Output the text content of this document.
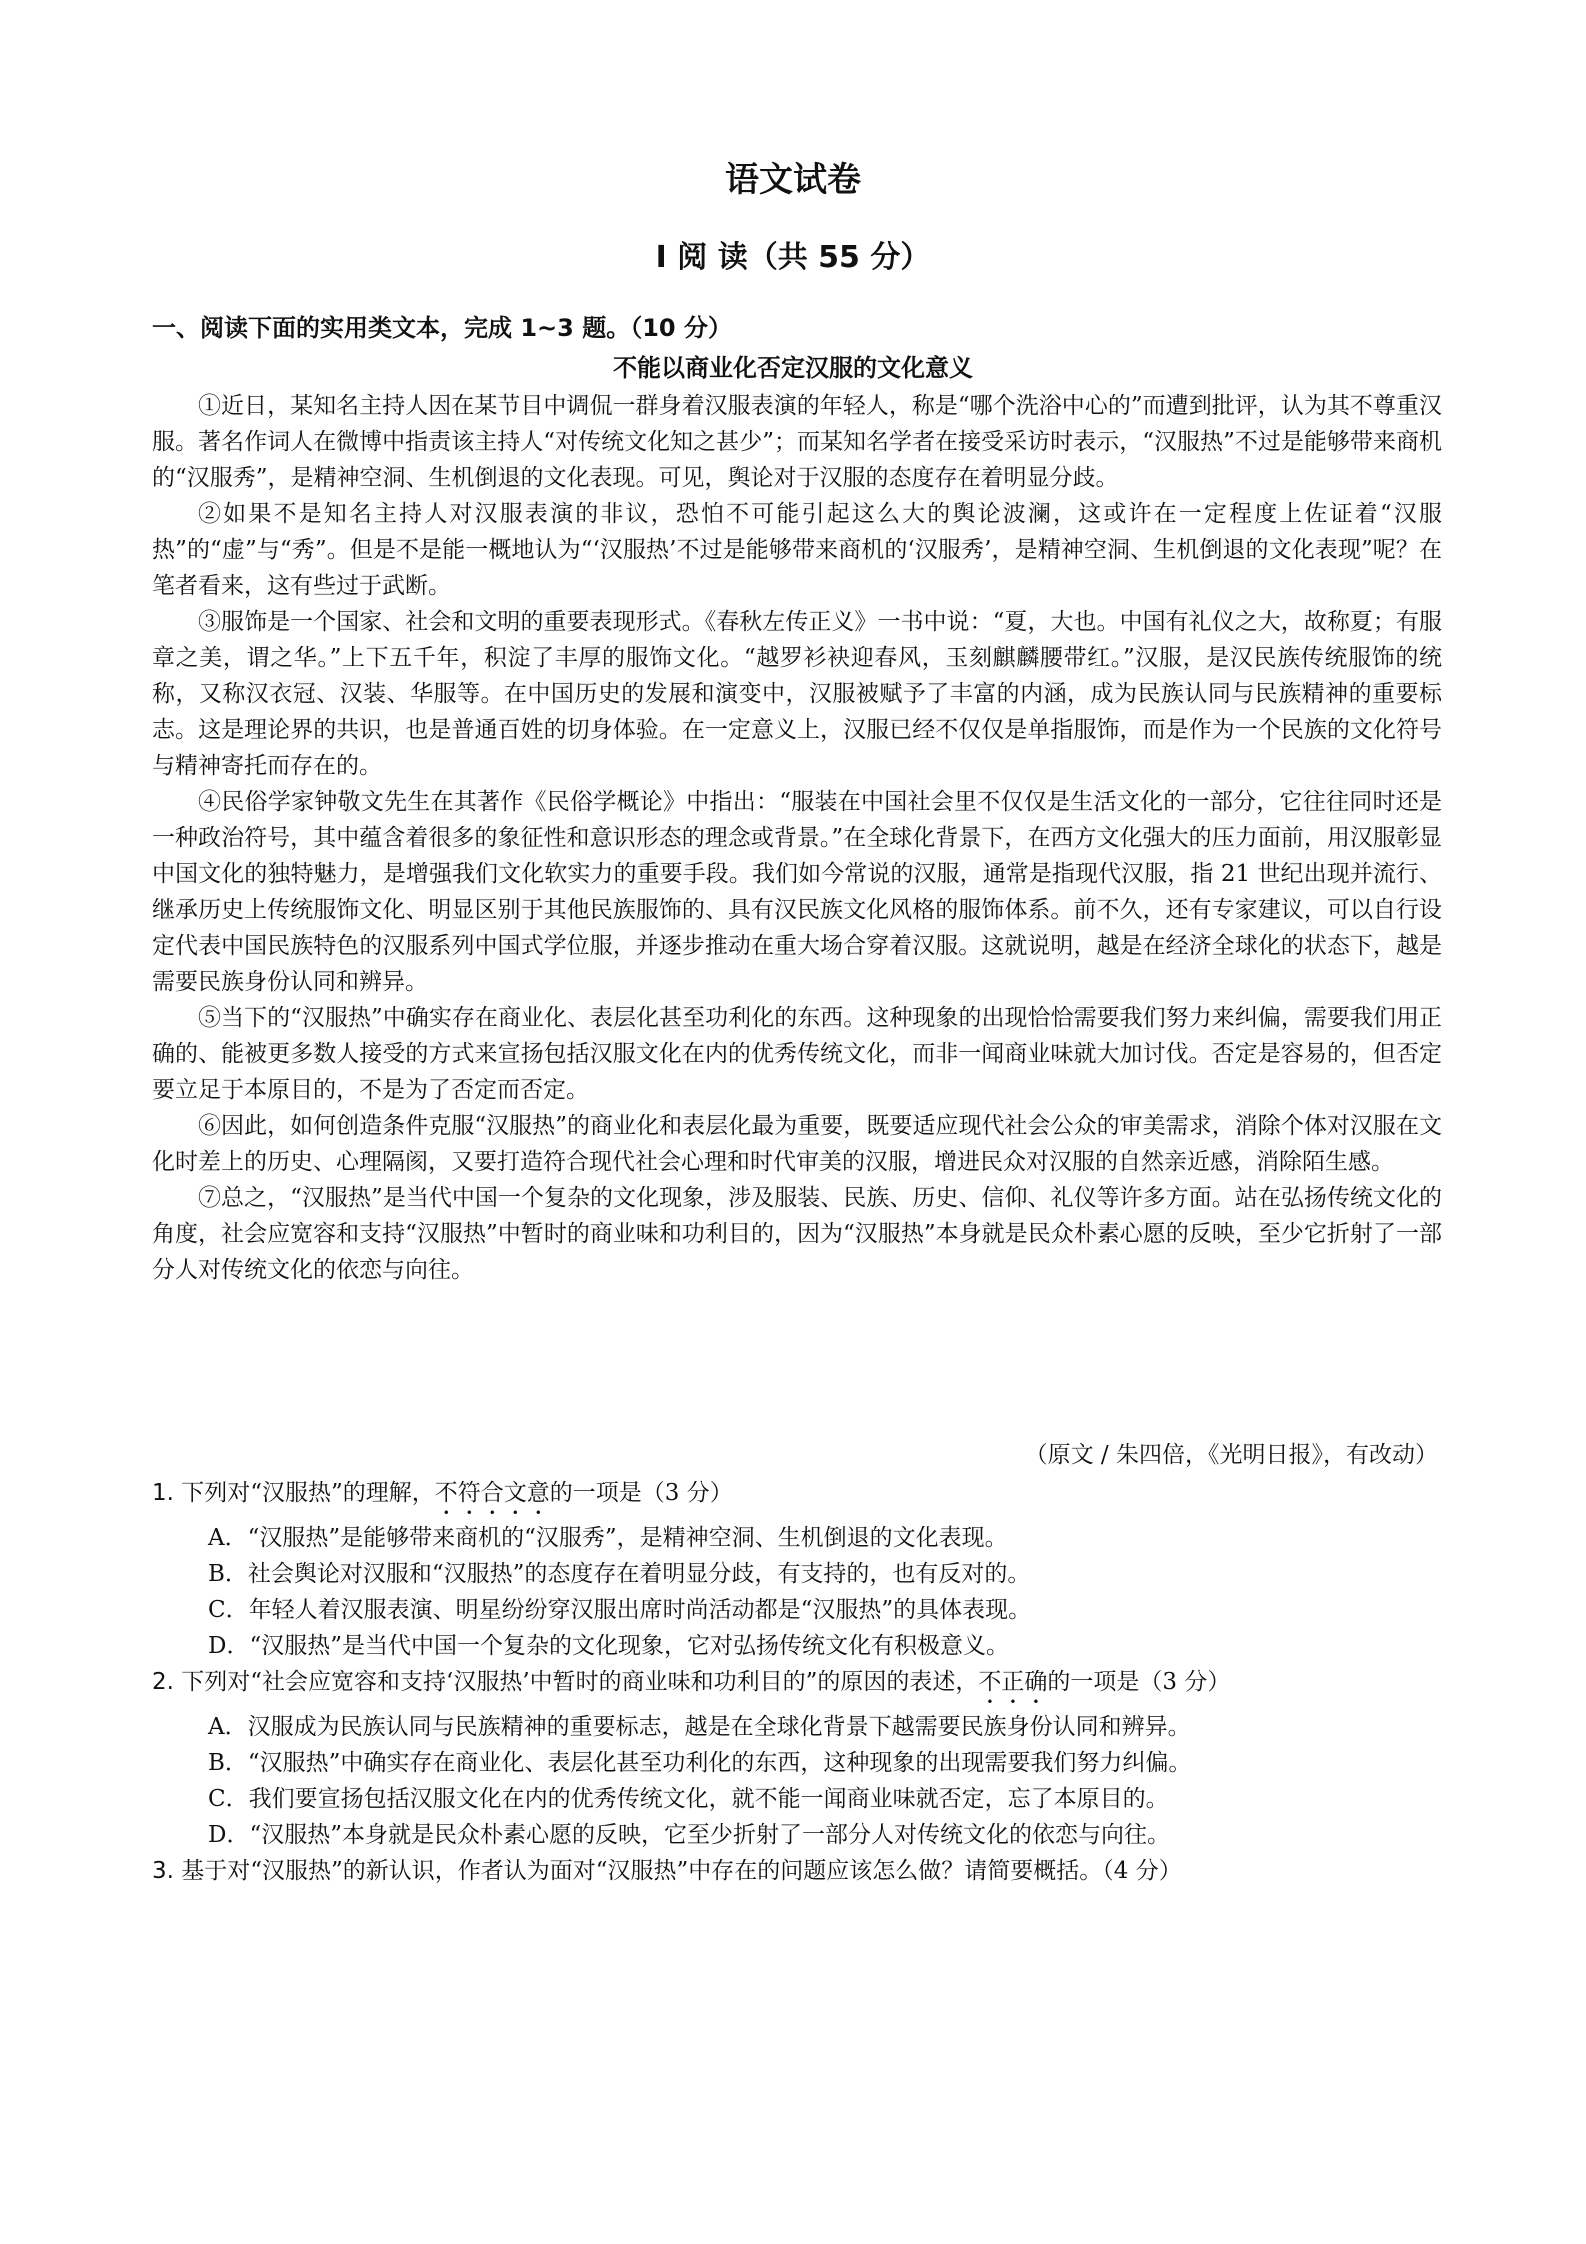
语文试卷
Ⅰ 阅 读（共 55 分）
一、阅读下面的实用类文本，完成 1~3 题。（10 分）
不能以商业化否定汉服的文化意义

①近日，某知名主持人因在某节目中调侃一群身着汉服表演的年轻人，称是“哪个洗浴中心的”而遭到批评，认为其不尊重汉服。著名作词人在微博中指责该主持人“对传统文化知之甚少”；而某知名学者在接受采访时表示，“汉服热”不过是能够带来商机的“汉服秀”，是精神空洞、生机倒退的文化表现。可见，舆论对于汉服的态度存在着明显分歧。

②如果不是知名主持人对汉服表演的非议，恐怕不可能引起这么大的舆论波澜，这或许在一定程度上佐证着“汉服热”的“虚”与“秀”。但是不是能一概地认为“‘汉服热’不过是能够带来商机的‘汉服秀’，是精神空洞、生机倒退的文化表现”呢？在笔者看来，这有些过于武断。

③服饰是一个国家、社会和文明的重要表现形式。《春秋左传正义》一书中说：“夏，大也。中国有礼仪之大，故称夏；有服章之美，谓之华。”上下五千年，积淀了丰厚的服饰文化。“越罗衫袂迎春风，玉刻麒麟腰带红。”汉服，是汉民族传统服饰的统称，又称汉衣冠、汉装、华服等。在中国历史的发展和演变中，汉服被赋予了丰富的内涵，成为民族认同与民族精神的重要标志。这是理论界的共识，也是普通百姓的切身体验。在一定意义上，汉服已经不仅仅是单指服饰，而是作为一个民族的文化符号与精神寄托而存在的。

④民俗学家钟敬文先生在其著作《民俗学概论》中指出：“服装在中国社会里不仅仅是生活文化的一部分，它往往同时还是一种政治符号，其中蕴含着很多的象征性和意识形态的理念或背景。”在全球化背景下，在西方文化强大的压力面前，用汉服彰显中国文化的独特魅力，是增强我们文化软实力的重要手段。我们如今常说的汉服，通常是指现代汉服，指 21 世纪出现并流行、继承历史上传统服饰文化、明显区别于其他民族服饰的、具有汉民族文化风格的服饰体系。前不久，还有专家建议，可以自行设定代表中国民族特色的汉服系列中国式学位服，并逐步推动在重大场合穿着汉服。这就说明，越是在经济全球化的状态下，越是需要民族身份认同和辨异。

⑤当下的“汉服热”中确实存在商业化、表层化甚至功利化的东西。这种现象的出现恰恰需要我们努力来纠偏，需要我们用正确的、能被更多数人接受的方式来宣扬包括汉服文化在内的优秀传统文化，而非一闻商业味就大加讨伐。否定是容易的，但否定要立足于本原目的，不是为了否定而否定。

⑥因此，如何创造条件克服“汉服热”的商业化和表层化最为重要，既要适应现代社会公众的审美需求，消除个体对汉服在文化时差上的历史、心理隔阂，又要打造符合现代社会心理和时代审美的汉服，增进民众对汉服的自然亲近感，消除陌生感。

⑦总之，“汉服热”是当代中国一个复杂的文化现象，涉及服装、民族、历史、信仰、礼仪等许多方面。站在弘扬传统文化的角度，社会应宽容和支持“汉服热”中暂时的商业味和功利目的，因为“汉服热”本身就是民众朴素心愿的反映，至少它折射了一部分人对传统文化的依恋与向往。

（原文 / 朱四倍，《光明日报》，有改动）

1. 下列对“汉服热”的理解，不符合文意的一项是（3 分）

A．“汉服热”是能够带来商机的“汉服秀”，是精神空洞、生机倒退的文化表现。

B．社会舆论对汉服和“汉服热”的态度存在着明显分歧，有支持的，也有反对的。

C．年轻人着汉服表演、明星纷纷穿汉服出席时尚活动都是“汉服热”的具体表现。

D．“汉服热”是当代中国一个复杂的文化现象，它对弘扬传统文化有积极意义。

2. 下列对“社会应宽容和支持‘汉服热’中暂时的商业味和功利目的”的原因的表述，不正确的一项是（3 分）

A．汉服成为民族认同与民族精神的重要标志，越是在全球化背景下越需要民族身份认同和辨异。

B．“汉服热”中确实存在商业化、表层化甚至功利化的东西，这种现象的出现需要我们努力纠偏。

C．我们要宣扬包括汉服文化在内的优秀传统文化，就不能一闻商业味就否定，忘了本原目的。

D．“汉服热”本身就是民众朴素心愿的反映，它至少折射了一部分人对传统文化的依恋与向往。

3. 基于对“汉服热”的新认识，作者认为面对“汉服热”中存在的问题应该怎么做？请简要概括。（4 分）
